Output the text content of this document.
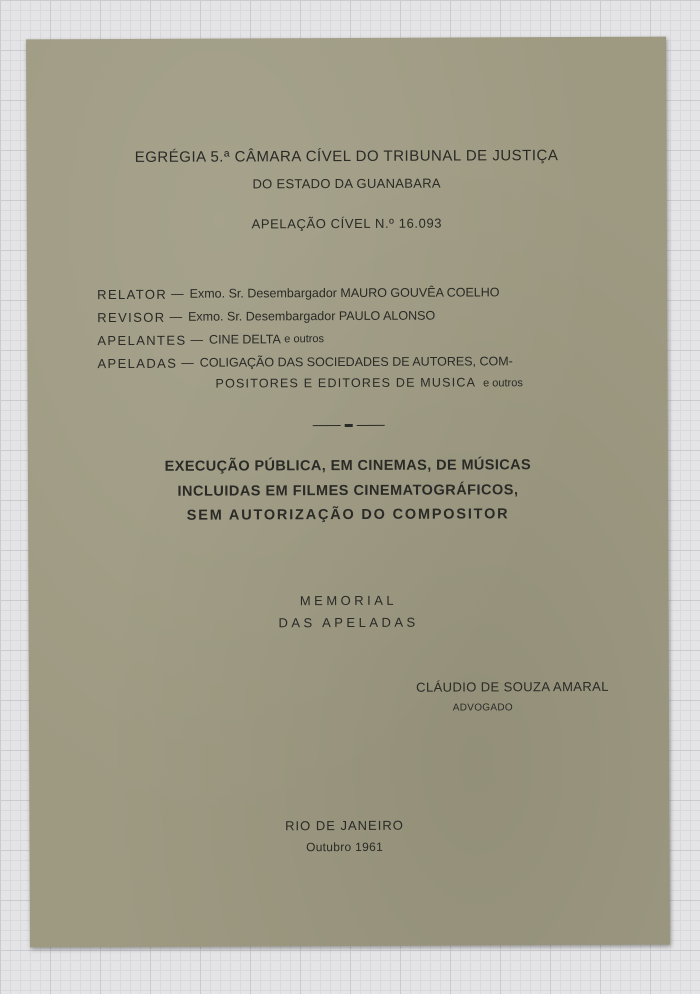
EGRÉGIA 5.ª CÂMARA CÍVEL DO TRIBUNAL DE JUSTIÇA
DO ESTADO DA GUANABARA
APELAÇÃO CÍVEL N.º 16.093
RELATOR — Exmo. Sr. Desembargador MAURO GOUVÊA COELHO
REVISOR — Exmo. Sr. Desembargador PAULO ALONSO
APELANTES — CINE DELTA
e outros
APELADAS — COLIGAÇÃO DAS SOCIEDADES DE AUTORES, COM-
POSITORES E EDITORES DE MUSICA e outros
EXECUÇÃO PÚBLICA, EM CINEMAS, DE MÚSICAS
INCLUIDAS EM FILMES CINEMATOGRÁFICOS,
SEM AUTORIZAÇÃO DO COMPOSITOR
MEMORIAL
DAS APELADAS
CLÁUDIO DE SOUZA AMARAL
ADVOGADO
RIO DE JANEIRO
Outubro 1961
